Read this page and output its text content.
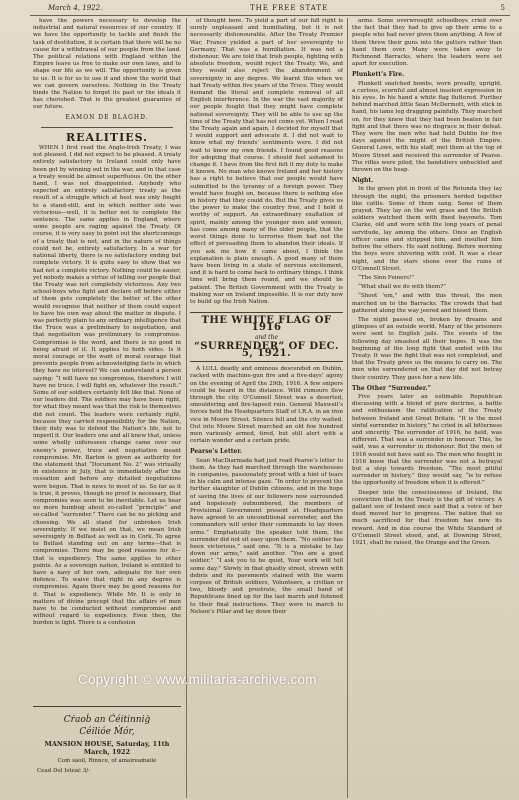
March 4, 1922.	THE FREE STATE	5

have the powers necessary to develop the industrial and natural resources of our country. If we have the opportunity to tackle and finish the task of destitution, it is certain that there will be no cause for a withdrawal of our people from the land. The political relations with England within the Empire leave us free to make our own laws, and to shape our life as we will. The opportunity is given to us. It is for us to use it and show the world that we can govern ourselves. Nothing in the Treaty binds the Nation to forget its past or the ideals it has cherished. That is the greatest guarantee of our future.

EAMON DE BLAGHD.
REALITIES.

WHEN I first read the Anglo-Irish Treaty, I was not pleased. I did not expect to be pleased. A treaty entirely satisfactory to Ireland could only have been got by winning out in the war, and in that case a treaty would be almost superfluous. On the other hand, I was not disappointed. Anybody who expected an entirely satisfactory treaty as the result of a struggle which at best was only fought to a stand-still, and in which neither side was victorious—well, it is better not to complete the sentence. The same applies in England, where some people are raging against the Treaty. Of course, it is very easy to point out the shortcomings of a treaty that is not, and in the nature of things could not be, entirely satisfactory. In a war for national liberty, there is no satisfactory ending but complete victory. It is quite easy to show that we had not a complete victory. Nothing could be easier, yet nobody makes a virtue of telling our people that the Treaty was not completely victorious. Any two school-boys who fight and declare off before either of them gets completely the better of the other would recognise that neither of them could expect to have his own way about the matter in dispute. I was perfectly plain to any ordinary intelligence that the Truce was a preliminary to negotiation, and that negotiation was preliminary to compromise. Compromise is the word, and there is no good in being afraid of it. It applies to both sides. Is it moral courage or the want of moral courage that prevents people from acknowledging facts in which they have no interest? We can understand a person saying: “I will have no compromise, therefore I will have no truce. I will fight on, whatever the result.” Some of our soldiers certainly felt like that. None of our leaders did. The soldiers may have been right, for what they meant was that the risk to themselves did not count. The leaders were certainly right, because they carried responsibility for the Nation, their duty was to defend the Nation’s life, not to imperil it. Our leaders one and all knew that, unless some wholly unforeseen change came over our enemy’s power, truce and negotiation meant compromise. Mr. Barton is given as authority for the statement that “Document No. 2” was virtually in existence in July, that is immediately after the cessation and before any detailed negotiations were begun. That is news to most of us. So far as it is true, it proves, though no proof is necessary, that compromise was seen to be inevitable. Let us hear no more humbug about so-called “principle” and so-called “surrender.” There can be no picking and choosing. We all stand for unbroken Irish sovereignty. If we insist on that, we mean Irish sovereignty in Belfast as well as in Cork. To agree to Belfast standing out on any terms—that is compromise. There may be good reasons for it—that is expediency. The same applies to other points. As a sovereign nation, Ireland is entitled to have a navy of her own, adequate for her own defence. To waive that right in any degree is compromise. Again there may be good reasons for it. That is expediency. While Mr. It is only in matters of divine precept that the affairs of men have to be conducted without compromise and without regard to expediency. Even then, the burden is light. There is a confusion

Cṙaoḃ an Ċéitinniġ
Céilióe Ṁór,
MANSION HOUSE, Saturday, 11th March, 1922
Coṁ ṡaoil, Rinnce, of amaireaṁaile
Cead Dol Isteaċ 3/-

of thought here. To yield a part of our full right is surely unpleasant and humiliating, but it is not necessarily dishonourable. After the Treaty Premier War, France yielded a part of her sovereignty to Germany. That was a humiliation. It was not a dishonour. We are told that Irish people, fighting with absolute freedom, would reject the Treaty. We, and they would also reject the abandonment of sovereignty in any degree. We learnt this when we had Treaty within five years of the Truce. They would demand the literal and complete removal of all English interference. In the war the vast majority of our people fought that they might have complete national sovereignty. They will be able to use up the time of the Treaty that has not come yet. When I read the Treaty again and again, I decided for myself that I would support and advocate it. I did not wait to know what my friends’ sentiments were. I did not wait to know my own friends. I found good reasons for adopting that course. I should feel ashamed to change it. I have from the first felt it my duty to make it known. No man who knows Ireland and her history has a right to believe that our people would have submitted to the tyranny of a foreign power. They would have fought on, because there is nothing else in history that they could do. But the Treaty gives us the power to make the country free, and I hold it worthy of support. An extraordinary exaltation of spirit, mainly among the younger men and women, has come among many of the older people, that the worst things done to terrorise them had not the effect of persuading them to abandon their ideals. If you ask me how it came about, I think the explanation is plain enough. A good many of them have been living in a state of nervous excitement, and it is hard to come back to ordinary things. I think time will bring them round, and we should be patient. The British Government with the Treaty is making war on Ireland impossible. It is our duty now to build up the Irish Nation.

THE WHITE FLAG OF 1916
and the
“SURRENDER” OF DEC. 5, 1921.

A LULL deadly and ominous descended on Dublin, racked with machine-gun fire and a five-days’ agony on the evening of April the 29th, 1916. A few snipers could be heard in the distance. Wild rumours flew through the city. O’Connell Street was a deserted, smouldering and fire-lapsed ruin. General Maxwell’s forces held the Headquarters Staff of I.R.A. in an iron vice in Moore Street. Silence fell and the city waited. Out into Moore Street marched an old few hundred men variously armed, tired, but still alert with a certain wonder and a certain pride.

Pearse’s Letter.

Sean MacDiarmada had just read Pearse’s letter to them. As they had marched through the warehouses in companies, passionately proud with a hint of tears in his calm and intense gaze. “In order to prevent the further slaughter of Dublin citizens, and in the hope of saving the lives of our followers now surrounded and hopelessly outnumbered, the members of Provisional Government present at Headquarters have agreed to an unconditional surrender, and the commanders will order their commands to lay down arms.” Emphatically the speaker told them, the surrender did not sit easy upon them. “No soldier has been victorious,” said one. “It is a mistake to lay down our arms,” said another. “You are a good soldier.” “I ask you to be quiet, Your work will tell some day.” Slowly in that ghastly street, strewn with debris and its pavements stained with the warm corpses of British soldiers, Volunteers, a civilian or two, bloody and prostrate, the small band of Republicans lined up for the last march and listened to their final instructions. They were to march to Nelson’s Pillar and lay down their

arms. Some overwrought schoolboys cried over the fact that they had to give up their arms to a people who had never given them anything. A few of them threw their guns into the gutters rather than hand them over. Many were taken away to Richmond Barracks, where the leaders were set apart for execution.

Plunkett’s Fire.

Plunkett snatched bombs, worn proudly, upright, a curious, scornful and almost insolent expression in his eyes. In his hand a white flag fluttered. Further behind marched little Sean McDermott, with stick in hand, his lame leg dragging painfully. They marched on, for they knew that they had been beaten in fair fight and that there was no disgrace in their defeat. They were the men who had held Dublin for five days against the might of the British Empire. General Lowe, with his staff, met them at the top of Moore Street and received the surrender of Pearse. The rifles were piled, the bandoliers unbuckled and thrown on the heap.

Night.

In the green plot in front of the Rotunda they lay through the night, the prisoners herded together like cattle. Some of them sang. Some of them prayed. They lay on the wet grass and the British soldiers watched them with fixed bayonets. Tom Clarke, old and worn with the long years of penal servitude, lay among the others. Once an English officer came and stripped him, and insulted him before the others. He said nothing. Before morning the boys were shivering with cold. It was a clear night, and the stars shone over the ruins of O’Connell Street.

“The Sinn Feiners!”

“What shall we do with them?”

“Shoot ’em,” and with this threat, the men marched on to the Barracks. The crowds that had gathered along the way jeered and hissed them.

The night passed on, broken by dreams and glimpses of an outside world. Many of the prisoners were sent to English jails. The events of the following day smashed all their hopes. It was the beginning of the long fight that ended with the Treaty. It was the fight that was not completed, and that the Treaty gives us the means to carry on. The men who surrendered on that day did not betray their country. They gave her a new life.

The Other “Surrender.”

Five years later an estimable Republican discussing with a blend of pure doctrine, a battle and enthusiasm the ratification of the Treaty between Ireland and Great Britain. “It is the most sinful surrender in history,” he cried in all bitterness and sincerity. The surrender of 1916, he held, was different. That was a surrender in honour. This, he said, was a surrender in dishonour. But the men of 1916 would not have said so. The men who fought in 1916 knew that the surrender was not a betrayal but a step towards freedom. “The most pitiful surrender in history,” they would say, “is to refuse the opportunity of freedom when it is offered.”

Deeper into the consciousness of Ireland, the conviction that in the Treaty is the gift of victory. A gallant son of Ireland once said that a voice of her dead moved her to progress. The nation that so much sacrificed for that freedom has now its reward. And in due course the White Standard of O’Connell Street stood, and, at Downing Street, 1921, shall be raised, the Orange and the Green.

Copyright © www.militaria-archive.com
